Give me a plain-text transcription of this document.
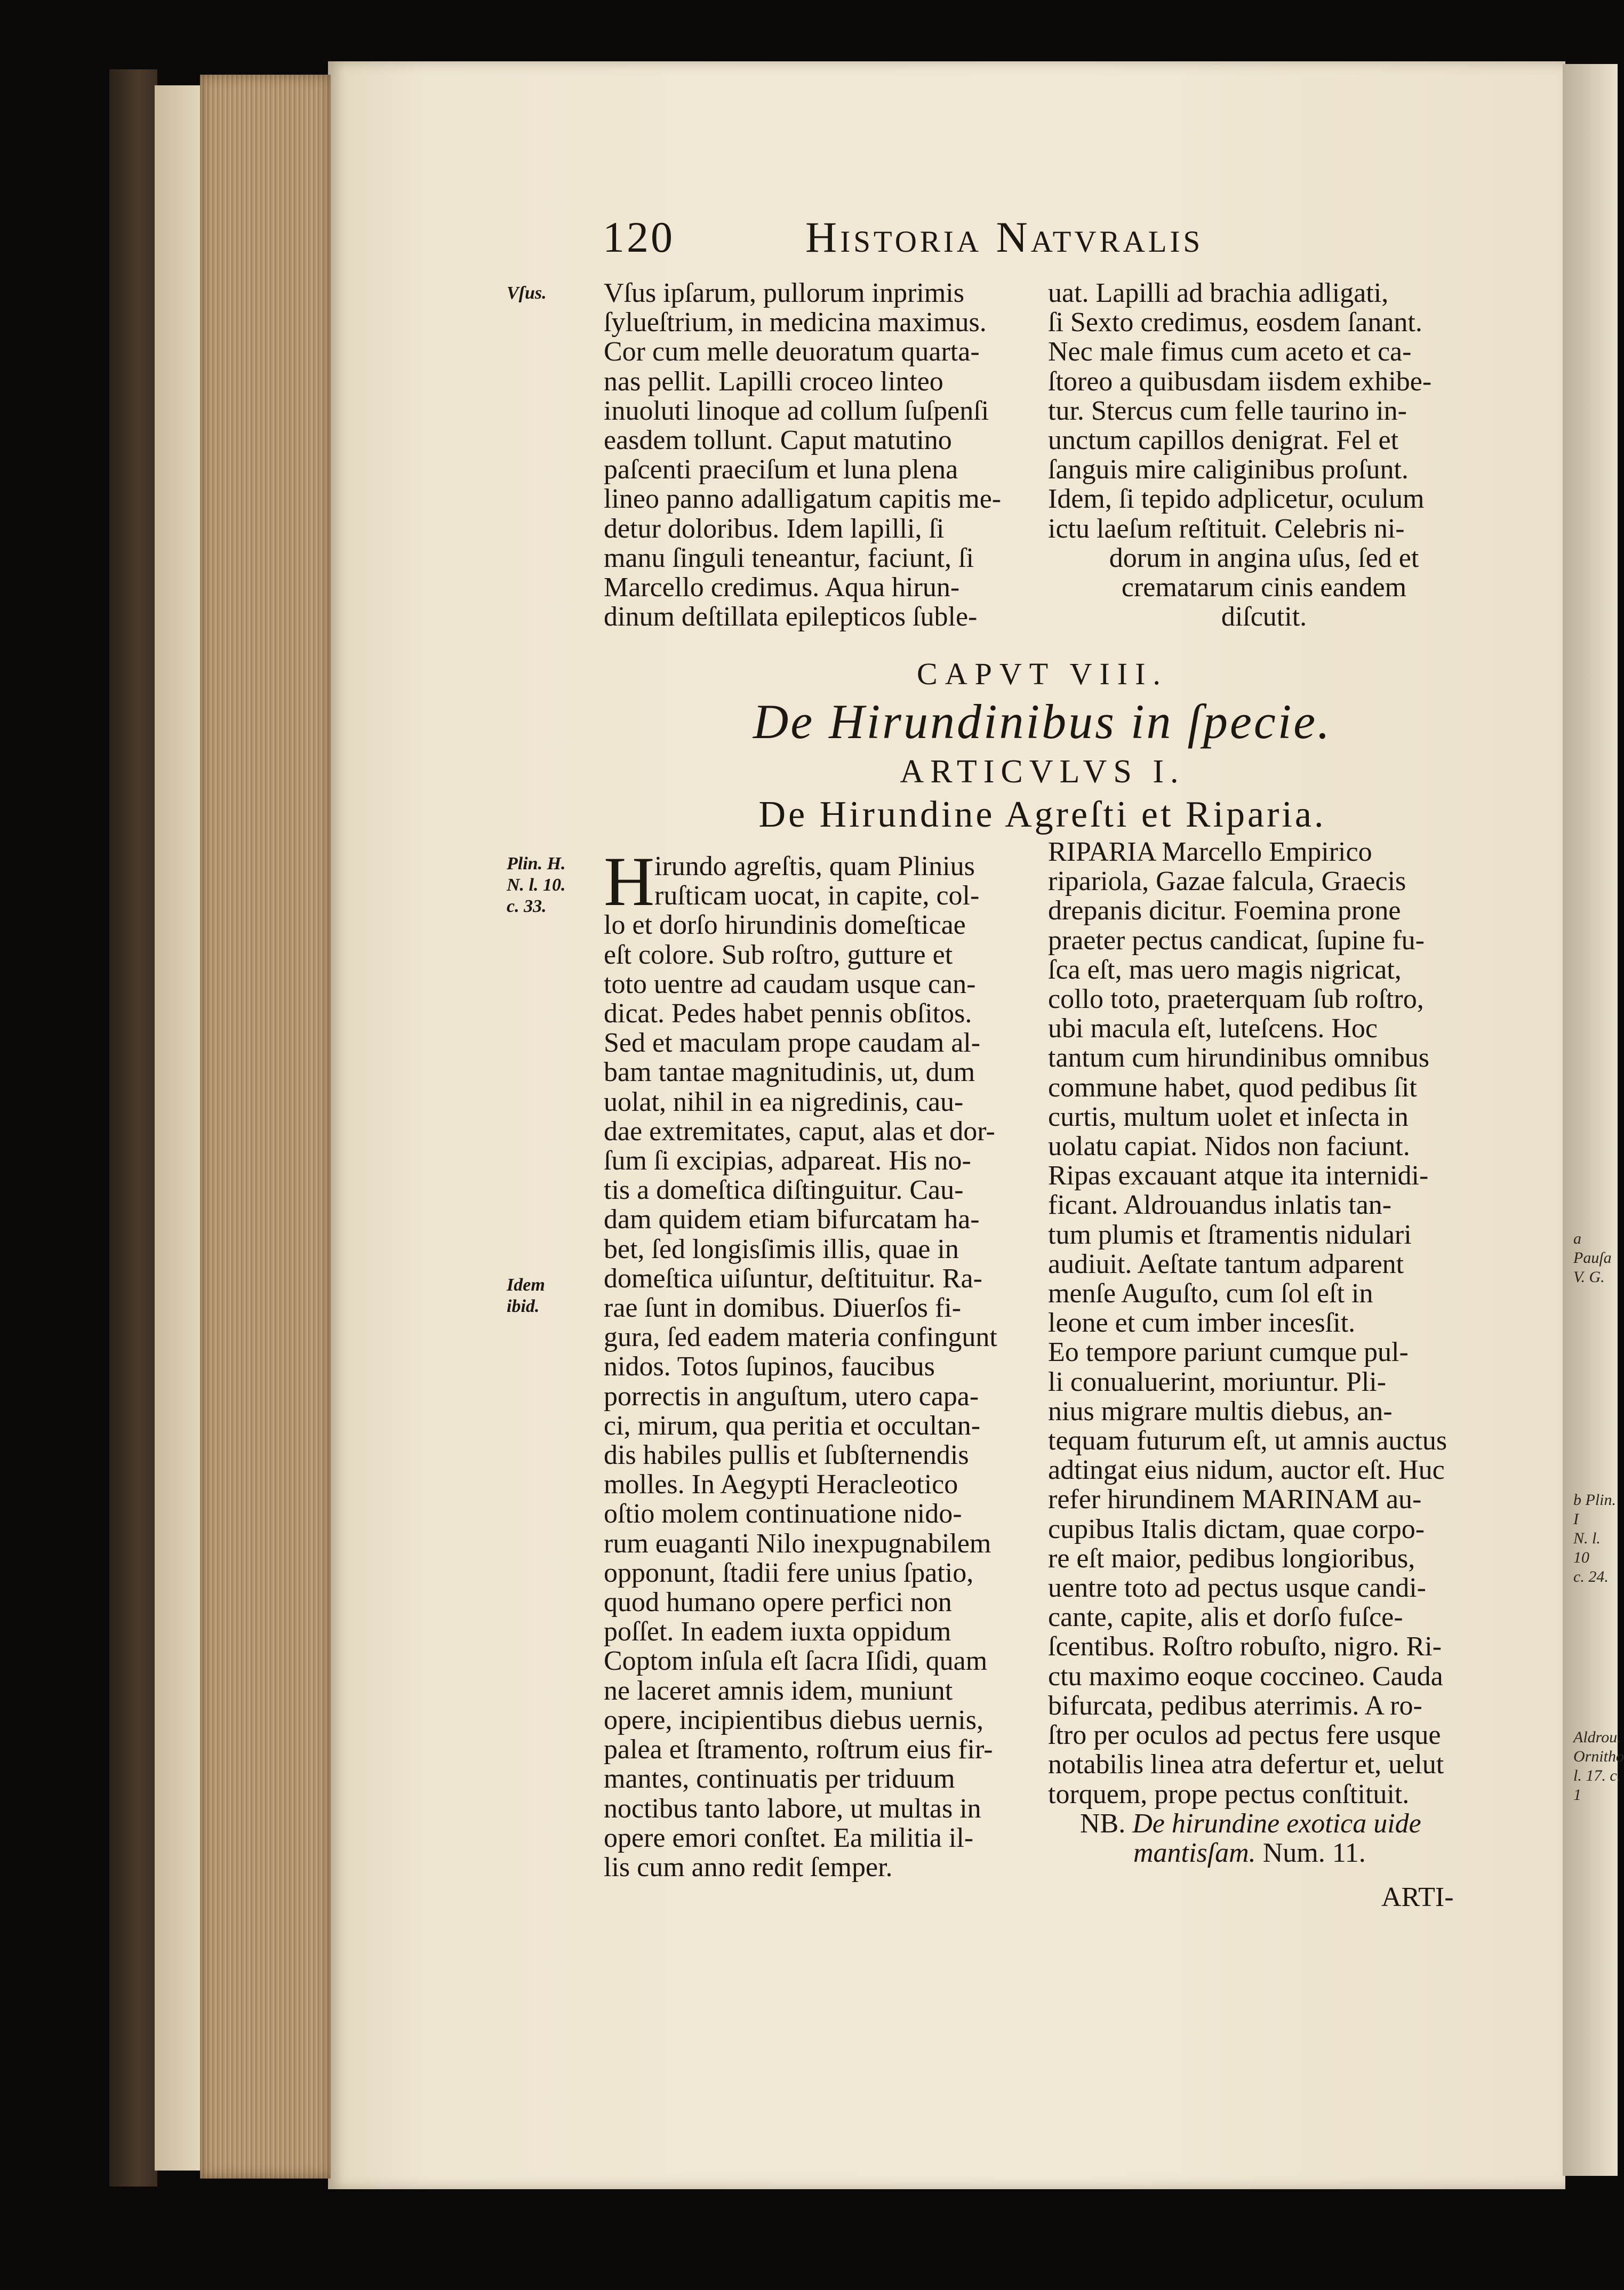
a Pauſa
V. G.
b Plin. I
N. l. 10
c. 24.
Aldrou.
Ornitho
l. 17. c. 1
120	Historia Natvralis
Vſus.
Plin. H.
N. l. 10.
c. 33.
Idem
ibid.
Vſus ipſarum, pullorum inprimis
ſylueſtrium, in medicina maximus.
Cor cum melle deuoratum quarta-
nas pellit. Lapilli croceo linteo
inuoluti linoque ad collum ſuſpenſi
easdem tollunt. Caput matutino
paſcenti praeciſum et luna plena
lineo panno adalligatum capitis me-
detur doloribus. Idem lapilli, ſi
manu ſinguli teneantur, faciunt, ſi
Marcello credimus. Aqua hirun-
dinum deſtillata epilepticos ſuble-
uat. Lapilli ad brachia adligati,
ſi Sexto credimus, eosdem ſanant.
Nec male fimus cum aceto et ca-
ſtoreo a quibusdam iisdem exhibe-
tur. Stercus cum felle taurino in-
unctum capillos denigrat. Fel et
ſanguis mire caliginibus proſunt.
Idem, ſi tepido adplicetur, oculum
ictu laeſum reſtituit. Celebris ni-
dorum in angina uſus, ſed et
crematarum cinis eandem
diſcutit.
CAPVT VIII.
De Hirundinibus in ſpecie.
ARTICVLVS I.
De Hirundine Agreſti et Riparia.
H irundo agreſtis, quam Plinius
ruſticam uocat, in capite, col-
lo et dorſo hirundinis domeſticae
eſt colore. Sub roſtro, gutture et
toto uentre ad caudam usque can-
dicat. Pedes habet pennis obſitos.
Sed et maculam prope caudam al-
bam tantae magnitudinis, ut, dum
uolat, nihil in ea nigredinis, cau-
dae extremitates, caput, alas et dor-
ſum ſi excipias, adpareat. His no-
tis a domeſtica diſtinguitur. Cau-
dam quidem etiam bifurcatam ha-
bet, ſed longisſimis illis, quae in
domeſtica uiſuntur, deſtituitur. Ra-
rae ſunt in domibus. Diuerſos fi-
gura, ſed eadem materia confingunt
nidos. Totos ſupinos, faucibus
porrectis in anguſtum, utero capa-
ci, mirum, qua peritia et occultan-
dis habiles pullis et ſubſternendis
molles. In Aegypti Heracleotico
oſtio molem continuatione nido-
rum euaganti Nilo inexpugnabilem
opponunt, ſtadii fere unius ſpatio,
quod humano opere perfici non
poſſet. In eadem iuxta oppidum
Coptom inſula eſt ſacra Iſidi, quam
ne laceret amnis idem, muniunt
opere, incipientibus diebus uernis,
palea et ſtramento, roſtrum eius fir-
mantes, continuatis per triduum
noctibus tanto labore, ut multas in
opere emori conſtet. Ea militia il-
lis cum anno redit ſemper.
RIPARIA Marcello Empirico
ripariola, Gazae falcula, Graecis
drepanis dicitur. Foemina prone
praeter pectus candicat, ſupine fu-
ſca eſt, mas uero magis nigricat,
collo toto, praeterquam ſub roſtro,
ubi macula eſt, luteſcens. Hoc
tantum cum hirundinibus omnibus
commune habet, quod pedibus ſit
curtis, multum uolet et inſecta in
uolatu capiat. Nidos non faciunt.
Ripas excauant atque ita internidi-
ficant. Aldrouandus inlatis tan-
tum plumis et ſtramentis nidulari
audiuit. Aeſtate tantum adparent
menſe Auguſto, cum ſol eſt in
leone et cum imber incesſit.
Eo tempore pariunt cumque pul-
li conualuerint, moriuntur. Pli-
nius migrare multis diebus, an-
tequam futurum eſt, ut amnis auctus
adtingat eius nidum, auctor eſt. Huc
refer hirundinem MARINAM au-
cupibus Italis dictam, quae corpo-
re eſt maior, pedibus longioribus,
uentre toto ad pectus usque candi-
cante, capite, alis et dorſo fuſce-
ſcentibus. Roſtro robuſto, nigro. Ri-
ctu maximo eoque coccineo. Cauda
bifurcata, pedibus aterrimis. A ro-
ſtro per oculos ad pectus fere usque
notabilis linea atra defertur et, uelut
torquem, prope pectus conſtituit.
NB. De hirundine exotica uide
mantisſam. Num. 11.
ARTI-
